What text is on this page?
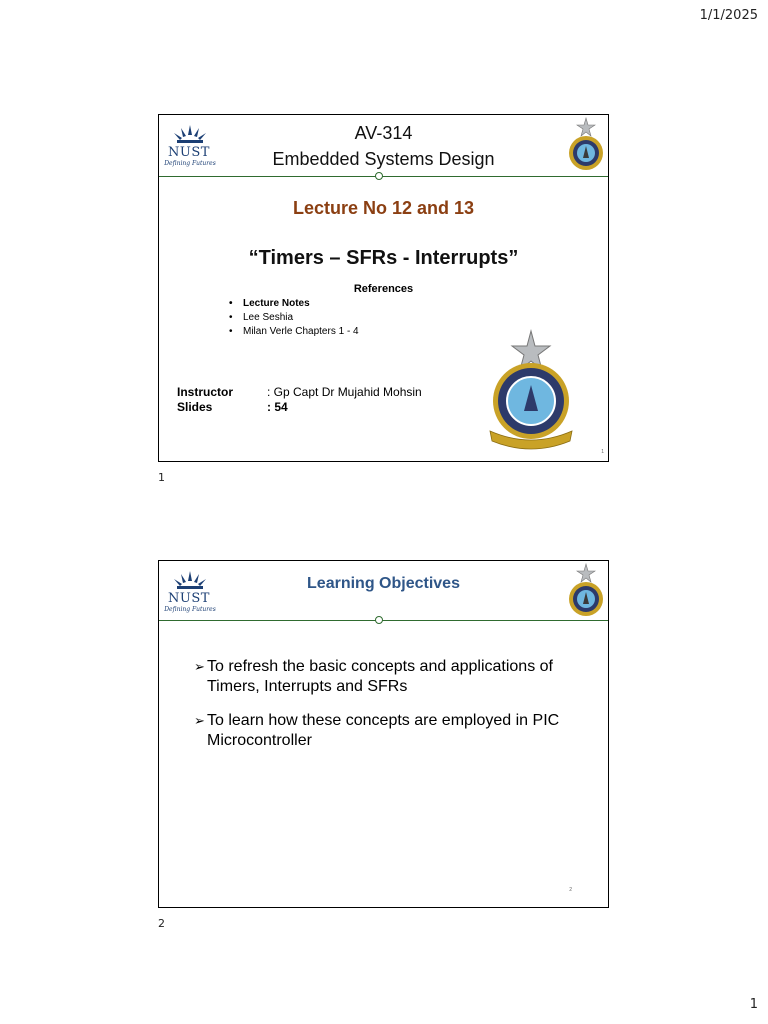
1/1/2025
NUST
Defining Futures
AV-314
Embedded Systems Design
Lecture No 12 and 13
“Timers – SFRs - Interrupts”
References
• Lecture Notes
• Lee Seshia
• Milan Verle Chapters 1 - 4
Instructor	: Gp Capt Dr Mujahid Mohsin
Slides	: 54
1
1
NUST
Defining Futures
Learning Objectives
➢ To refresh the basic concepts and applications of Timers, Interrupts and SFRs
➢ To learn how these concepts are employed in PIC Microcontroller
2
2
1
